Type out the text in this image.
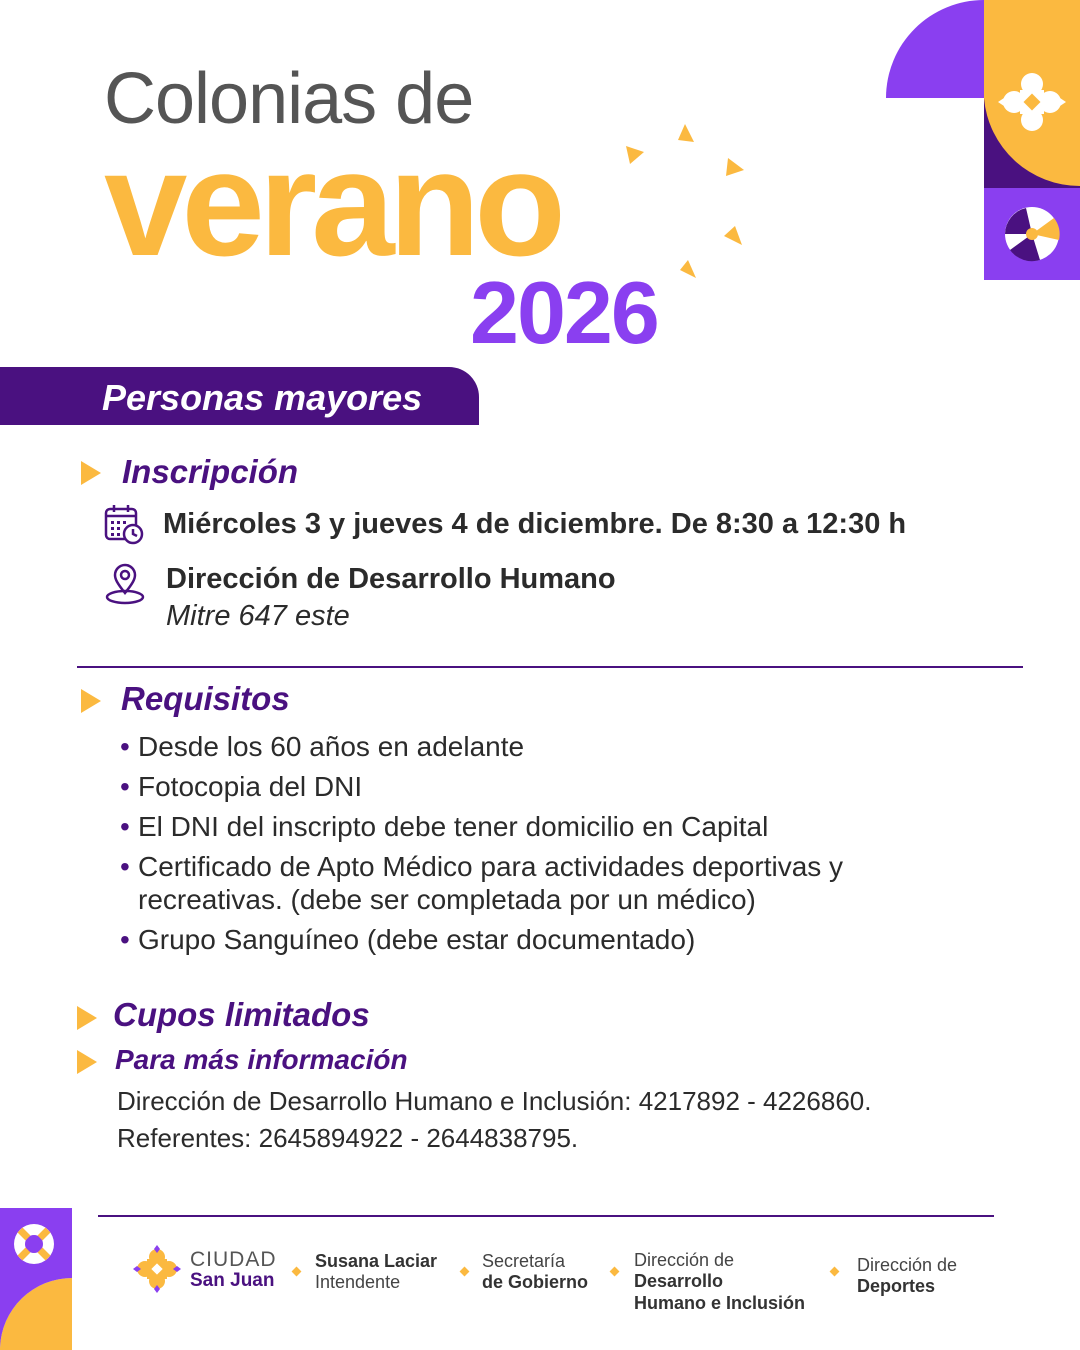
Colonias de
verano
2026
Personas mayores
Inscripción
Miércoles 3 y jueves 4 de diciembre. De 8:30 a 12:30 h
Dirección de Desarrollo Humano
Mitre 647 este
Requisitos
• Desde los 60 años en adelante
• Fotocopia del DNI
• El DNI del inscripto debe tener domicilio en Capital
• Certificado de Apto Médico para actividades deportivas y recreativas. (debe ser completada por un médico)
• Grupo Sanguíneo (debe estar documentado)
Cupos limitados
Para más información
Dirección de Desarrollo Humano e Inclusión: 4217892 - 4226860.
Referentes: 2645894922 - 2644838795.
CIUDAD
San Juan
Susana Laciar
Intendente
Secretaría
de Gobierno
Dirección de
Desarrollo
Humano e Inclusión
Dirección de
Deportes
